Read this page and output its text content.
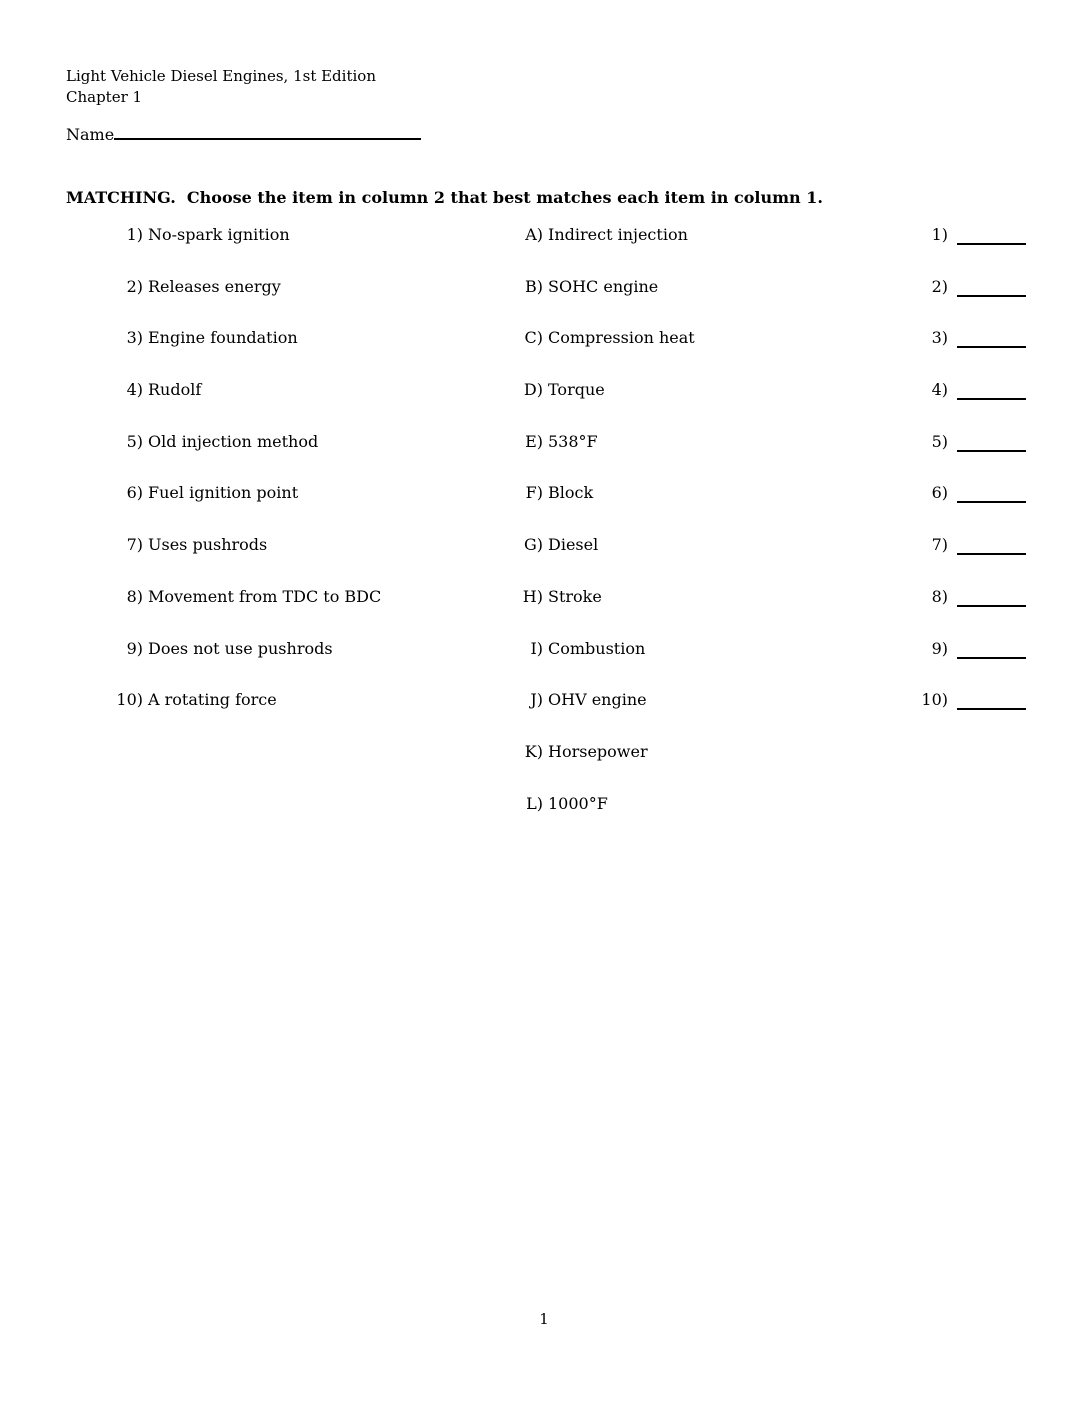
Light Vehicle Diesel Engines, 1st Edition
Chapter 1
Name
MATCHING.  Choose the item in column 2 that best matches each item in column 1.
1) No-spark ignition	A) Indirect injection	1)
2) Releases energy	B) SOHC engine	2)
3) Engine foundation	C) Compression heat	3)
4) Rudolf	D) Torque	4)
5) Old injection method	E) 538°F	5)
6) Fuel ignition point	F) Block	6)
7) Uses pushrods	G) Diesel	7)
8) Movement from TDC to BDC	H) Stroke	8)
9) Does not use pushrods	I) Combustion	9)
10) A rotating force	J) OHV engine	10)
K) Horsepower
L) 1000°F
1
